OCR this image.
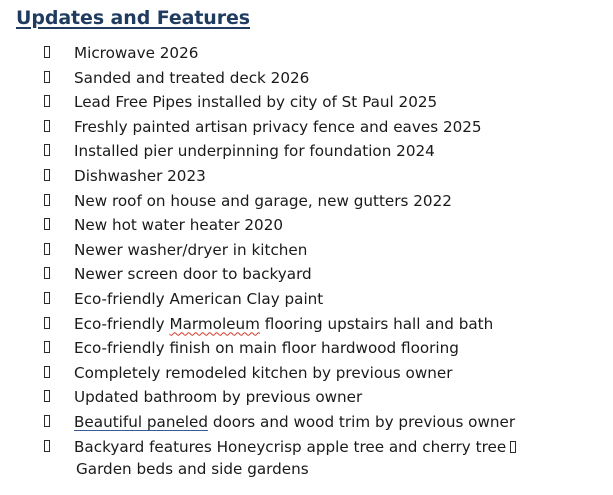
Updates and Features
Microwave 2026
Sanded and treated deck 2026
Lead Free Pipes installed by city of St Paul 2025
Freshly painted artisan privacy fence and eaves 2025
Installed pier underpinning for foundation 2024
Dishwasher 2023
New roof on house and garage, new gutters 2022
New hot water heater 2020
Newer washer/dryer in kitchen
Newer screen door to backyard
Eco-friendly American Clay paint
Eco-friendly Marmoleum flooring upstairs hall and bath
Eco-friendly finish on main floor hardwood flooring
Completely remodeled kitchen by previous owner
Updated bathroom by previous owner
Beautiful paneled doors and wood trim by previous owner
Backyard features Honeycrisp apple tree and cherry tree
Garden beds and side gardens
